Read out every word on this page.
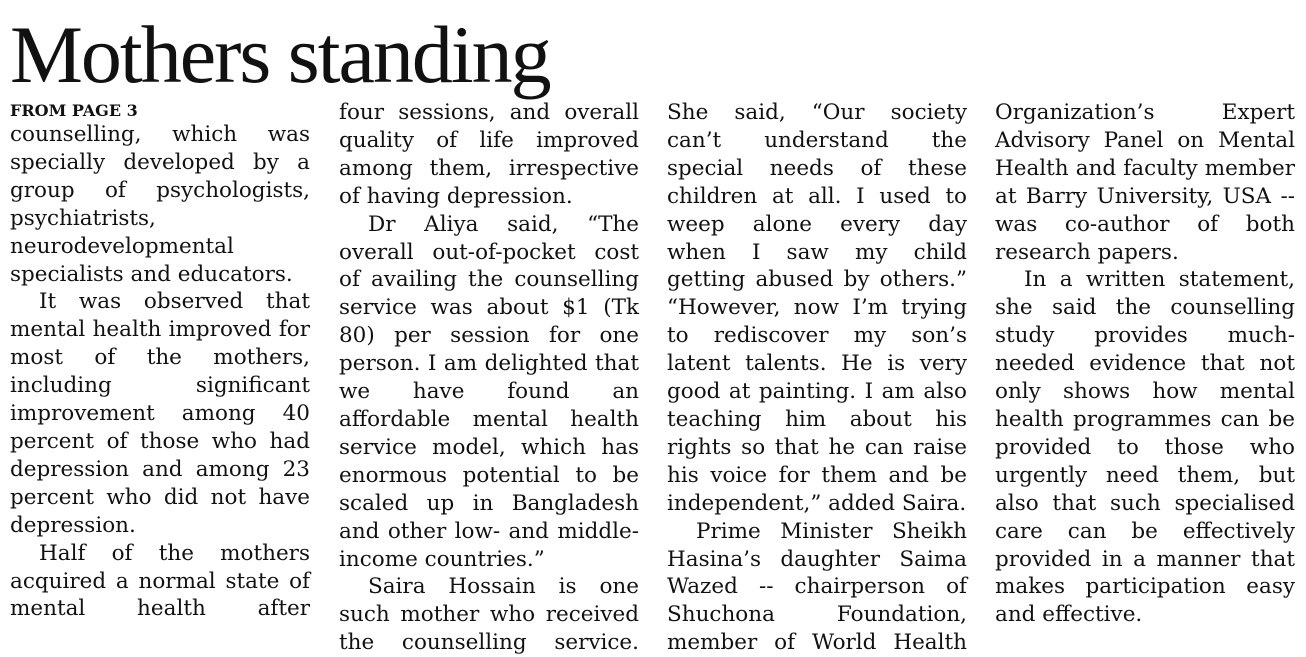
Mothers standing
FROM PAGE 3

counselling, which was specially developed by a group of psychologists, psychiatrists, neurodevelopmental specialists and educators.

It was observed that mental health improved for most of the mothers, including significant improvement among 40 percent of those who had depression and among 23 percent who did not have depression.

Half of the mothers acquired a normal state of mental health after

four sessions, and overall quality of life improved among them, irrespective of having depression.

Dr Aliya said, “The overall out-of-pocket cost of availing the counselling service was about $1 (Tk 80) per session for one person. I am delighted that we have found an affordable mental health service model, which has enormous potential to be scaled up in Bangladesh and other low- and middle-income countries.”

Saira Hossain is one such mother who received the counselling service.

She said, “Our society can’t understand the special needs of these children at all. I used to weep alone every day when I saw my child getting abused by others.” “However, now I’m trying to rediscover my son’s latent talents. He is very good at painting. I am also teaching him about his rights so that he can raise his voice for them and be independent,” added Saira.

Prime Minister Sheikh Hasina’s daughter Saima Wazed -- chairperson of Shuchona Foundation, member of World Health

Organization’s Expert Advisory Panel on Mental Health and faculty member at Barry University, USA -- was co-author of both research papers.

In a written statement, she said the counselling study provides much-needed evidence that not only shows how mental health programmes can be provided to those who urgently need them, but also that such specialised care can be effectively provided in a manner that makes participation easy and effective.
